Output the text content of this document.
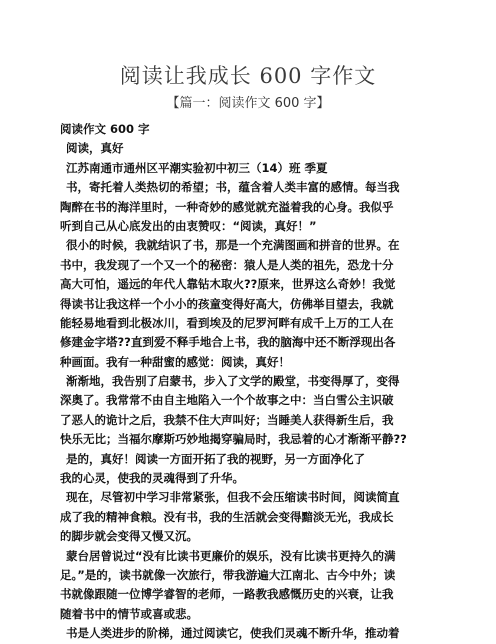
阅读让我成长 600 字作文
【篇一：阅读作文 600 字】
阅读作文 600 字
阅读，真好
江苏南通市通州区平潮实验初中初三（14）班 季夏
书，寄托着人类热切的希望；书，蕴含着人类丰富的感情。每当我
陶醉在书的海洋里时，一种奇妙的感觉就充溢着我的心身。我似乎
听到自己从心底发出的由衷赞叹：“阅读，真好！”
很小的时候，我就结识了书，那是一个充满图画和拼音的世界。在
书中，我发现了一个又一个的秘密：猿人是人类的祖先，恐龙十分
高大可怕，遥远的年代人靠钻木取火??原来，世界这么奇妙！我觉
得读书让我这样一个小小的孩童变得好高大，仿佛举目望去，我就
能轻易地看到北极冰川，看到埃及的尼罗河畔有成千上万的工人在
修建金字塔??直到爱不释手地合上书，我的脑海中还不断浮现出各
种画面。我有一种甜蜜的感觉：阅读，真好！
渐渐地，我告别了启蒙书，步入了文学的殿堂，书变得厚了，变得
深奥了。我常常不由自主地陷入一个个故事之中：当白雪公主识破
了恶人的诡计之后，我禁不住大声叫好；当睡美人获得新生后，我
快乐无比；当福尔摩斯巧妙地揭穿骗局时，我忌着的心才渐渐平静??
是的，真好！阅读一方面开拓了我的视野，另一方面净化了
我的心灵，使我的灵魂得到了升华。
现在，尽管初中学习非常紧张，但我不会压缩读书时间，阅读简直
成了我的精神食粮。没有书，我的生活就会变得黯淡无光，我成长
的脚步就会变得又慢又沉。
蒙台居曾说过“没有比读书更廉价的娱乐，没有比读书更持久的满
足。”是的，读书就像一次旅行，带我游遍大江南北、古今中外；读
书就像跟随一位博学睿智的老师，一路教我感慨历史的兴衰，让我
随着书中的情节或喜或悲。
书是人类进步的阶梯，通过阅读它，使我们灵魂不断升华，推动着
